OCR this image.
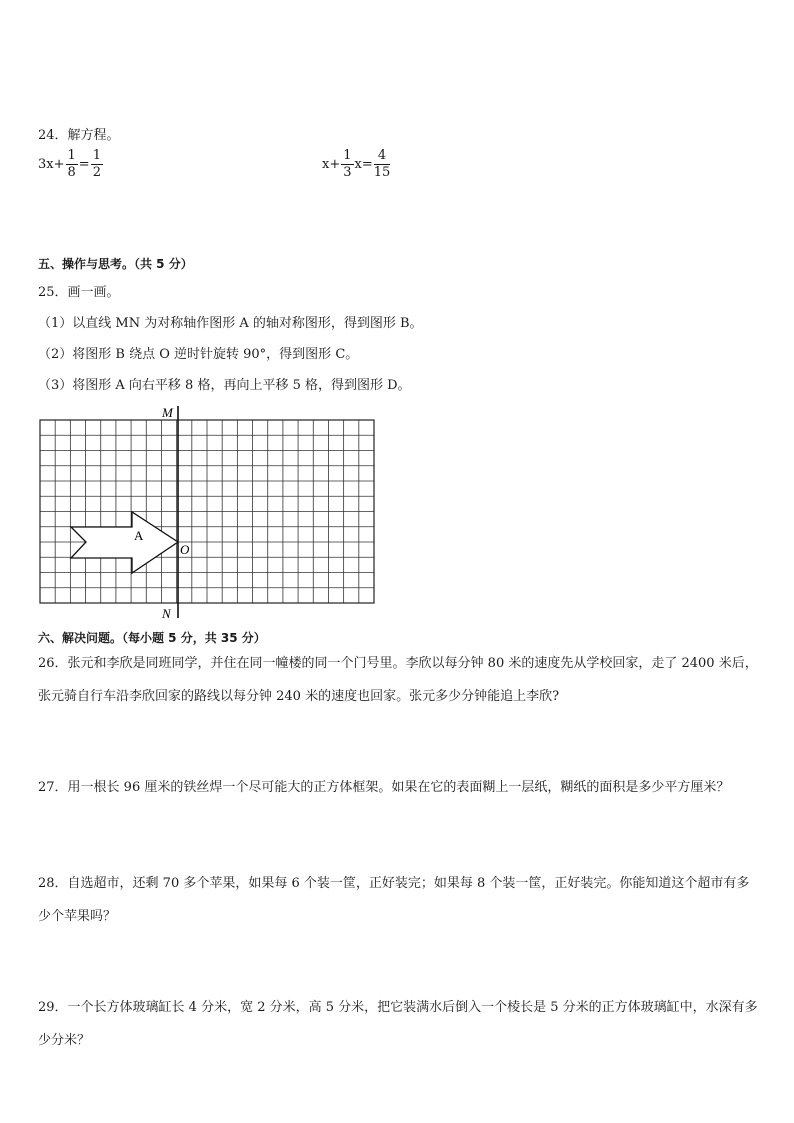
24．解方程。
$3x+ \frac{1}{8} = \frac{1}{2}$	$x+ \frac{1}{3} x= \frac{4}{15}$
五、操作与思考。（共 5 分）
25．画一画。
（1）以直线 MN 为对称轴作图形 A 的轴对称图形，得到图形 B。
（2）将图形 B 绕点 O 逆时针旋转 90°，得到图形 C。
（3）将图形 A 向右平移 8 格，再向上平移 5 格，得到图形 D。
A
M
N
O
六、解决问题。（每小题 5 分，共 35 分）
26．张元和李欣是同班同学，并住在同一幢楼的同一个门号里。李欣以每分钟 80 米的速度先从学校回家，走了 2400 米后，张元骑自行车沿李欣回家的路线以每分钟 240 米的速度也回家。张元多少分钟能追上李欣?
27．用一根长 96 厘米的铁丝焊一个尽可能大的正方体框架。如果在它的表面糊上一层纸，糊纸的面积是多少平方厘米？
28．自选超市，还剩 70 多个苹果，如果每 6 个装一筐，正好装完；如果每 8 个装一筐，正好装完。你能知道这个超市有多少个苹果吗？
29．一个长方体玻璃缸长 4 分米，宽 2 分米，高 5 分米，把它装满水后倒入一个棱长是 5 分米的正方体玻璃缸中，水深有多少分米？
